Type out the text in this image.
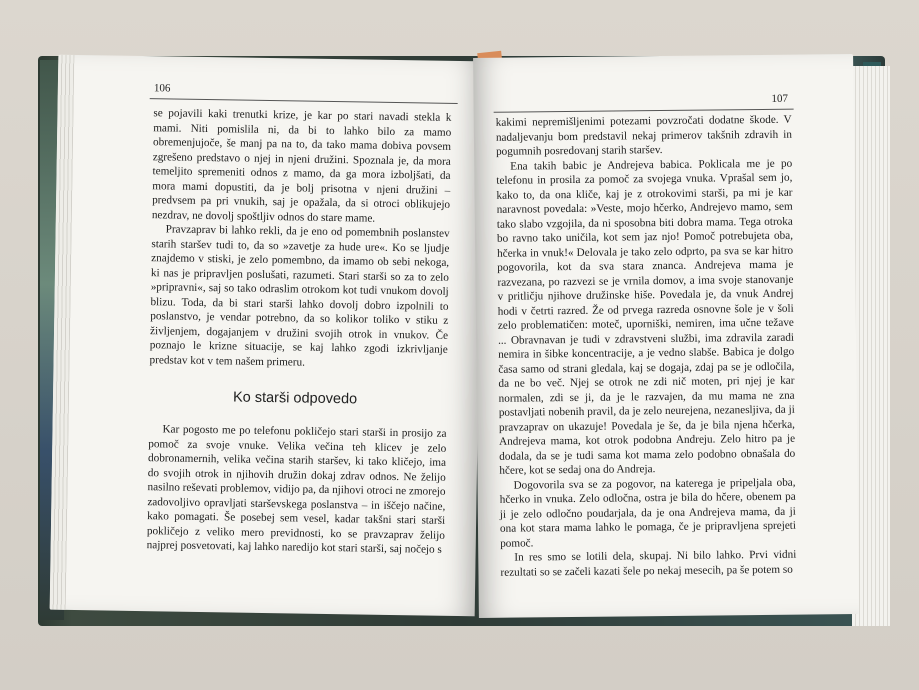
106

se pojavili kaki trenutki krize, je kar po stari navadi stekla k mami. Niti pomislila ni, da bi to lahko bilo za mamo obremenjujoče, še manj pa na to, da tako mama dobiva povsem zgrešeno predstavo o njej in njeni družini. Spoznala je, da mora temeljito spremeniti odnos z mamo, da ga mora izboljšati, da mora mami dopustiti, da je bolj prisotna v njeni družini – predvsem pa pri vnukih, saj je opažala, da si otroci oblikujejo nezdrav, ne dovolj spoštljiv odnos do stare mame.

Pravzaprav bi lahko rekli, da je eno od pomembnih poslanstev starih staršev tudi to, da so »zavetje za hude ure«. Ko se ljudje znajdemo v stiski, je zelo pomembno, da imamo ob sebi nekoga, ki nas je pripravljen poslušati, razumeti. Stari starši so za to zelo »pripravni«, saj so tako odraslim otrokom kot tudi vnukom dovolj blizu. Toda, da bi stari starši lahko dovolj dobro izpolnili to poslanstvo, je vendar potrebno, da so kolikor toliko v stiku z življenjem, dogajanjem v družini svojih otrok in vnukov. Če poznajo le krizne situacije, se kaj lahko zgodi izkrivljanje predstav kot v tem našem primeru.

Ko starši odpovedo

Kar pogosto me po telefonu pokličejo stari starši in prosijo za pomoč za svoje vnuke. Velika večina teh klicev je zelo dobronamernih, velika večina starih staršev, ki tako kličejo, ima do svojih otrok in njihovih družin dokaj zdrav odnos. Ne želijo nasilno reševati problemov, vidijo pa, da njihovi otroci ne zmorejo zadovoljivo opravljati starševskega poslanstva – in iščejo načine, kako pomagati. Še posebej sem vesel, kadar takšni stari starši pokličejo z veliko mero previdnosti, ko se pravzaprav želijo najprej posvetovati, kaj lahko naredijo kot stari starši, saj nočejo s

107

kakimi nepremišljenimi potezami povzročati dodatne škode. V nadaljevanju bom predstavil nekaj primerov takšnih zdravih in pogumnih posredovanj starih staršev.

Ena takih babic je Andrejeva babica. Poklicala me je po telefonu in prosila za pomoč za svojega vnuka. Vprašal sem jo, kako to, da ona kliče, kaj je z otrokovimi starši, pa mi je kar naravnost povedala: »Veste, mojo hčerko, Andrejevo mamo, sem tako slabo vzgojila, da ni sposobna biti dobra mama. Tega otroka bo ravno tako uničila, kot sem jaz njo! Pomoč potrebujeta oba, hčerka in vnuk!« Delovala je tako zelo odprto, pa sva se kar hitro pogovorila, kot da sva stara znanca. Andrejeva mama je razvezana, po razvezi se je vrnila domov, a ima svoje stanovanje v pritličju njihove družinske hiše. Povedala je, da vnuk Andrej hodi v četrti razred. Že od prvega razreda osnovne šole je v šoli zelo problematičen: moteč, uporniški, nemiren, ima učne težave ... Obravnavan je tudi v zdravstveni službi, ima zdravila zaradi nemira in šibke koncentracije, a je vedno slabše. Babica je dolgo časa samo od strani gledala, kaj se dogaja, zdaj pa se je odločila, da ne bo več. Njej se otrok ne zdi nič moten, pri njej je kar normalen, zdi se ji, da je le razvajen, da mu mama ne zna postavljati nobenih pravil, da je zelo neurejena, nezanesljiva, da ji pravzaprav on ukazuje! Povedala je še, da je bila njena hčerka, Andrejeva mama, kot otrok podobna Andreju. Zelo hitro pa je dodala, da se je tudi sama kot mama zelo podobno obnašala do hčere, kot se sedaj ona do Andreja.

Dogovorila sva se za pogovor, na katerega je pripeljala oba, hčerko in vnuka. Zelo odločna, ostra je bila do hčere, obenem pa ji je zelo odločno poudarjala, da je ona Andrejeva mama, da ji ona kot stara mama lahko le pomaga, če je pripravljena sprejeti pomoč.

In res smo se lotili dela, skupaj. Ni bilo lahko. Prvi vidni rezultati so se začeli kazati šele po nekaj mesecih, pa še potem so
